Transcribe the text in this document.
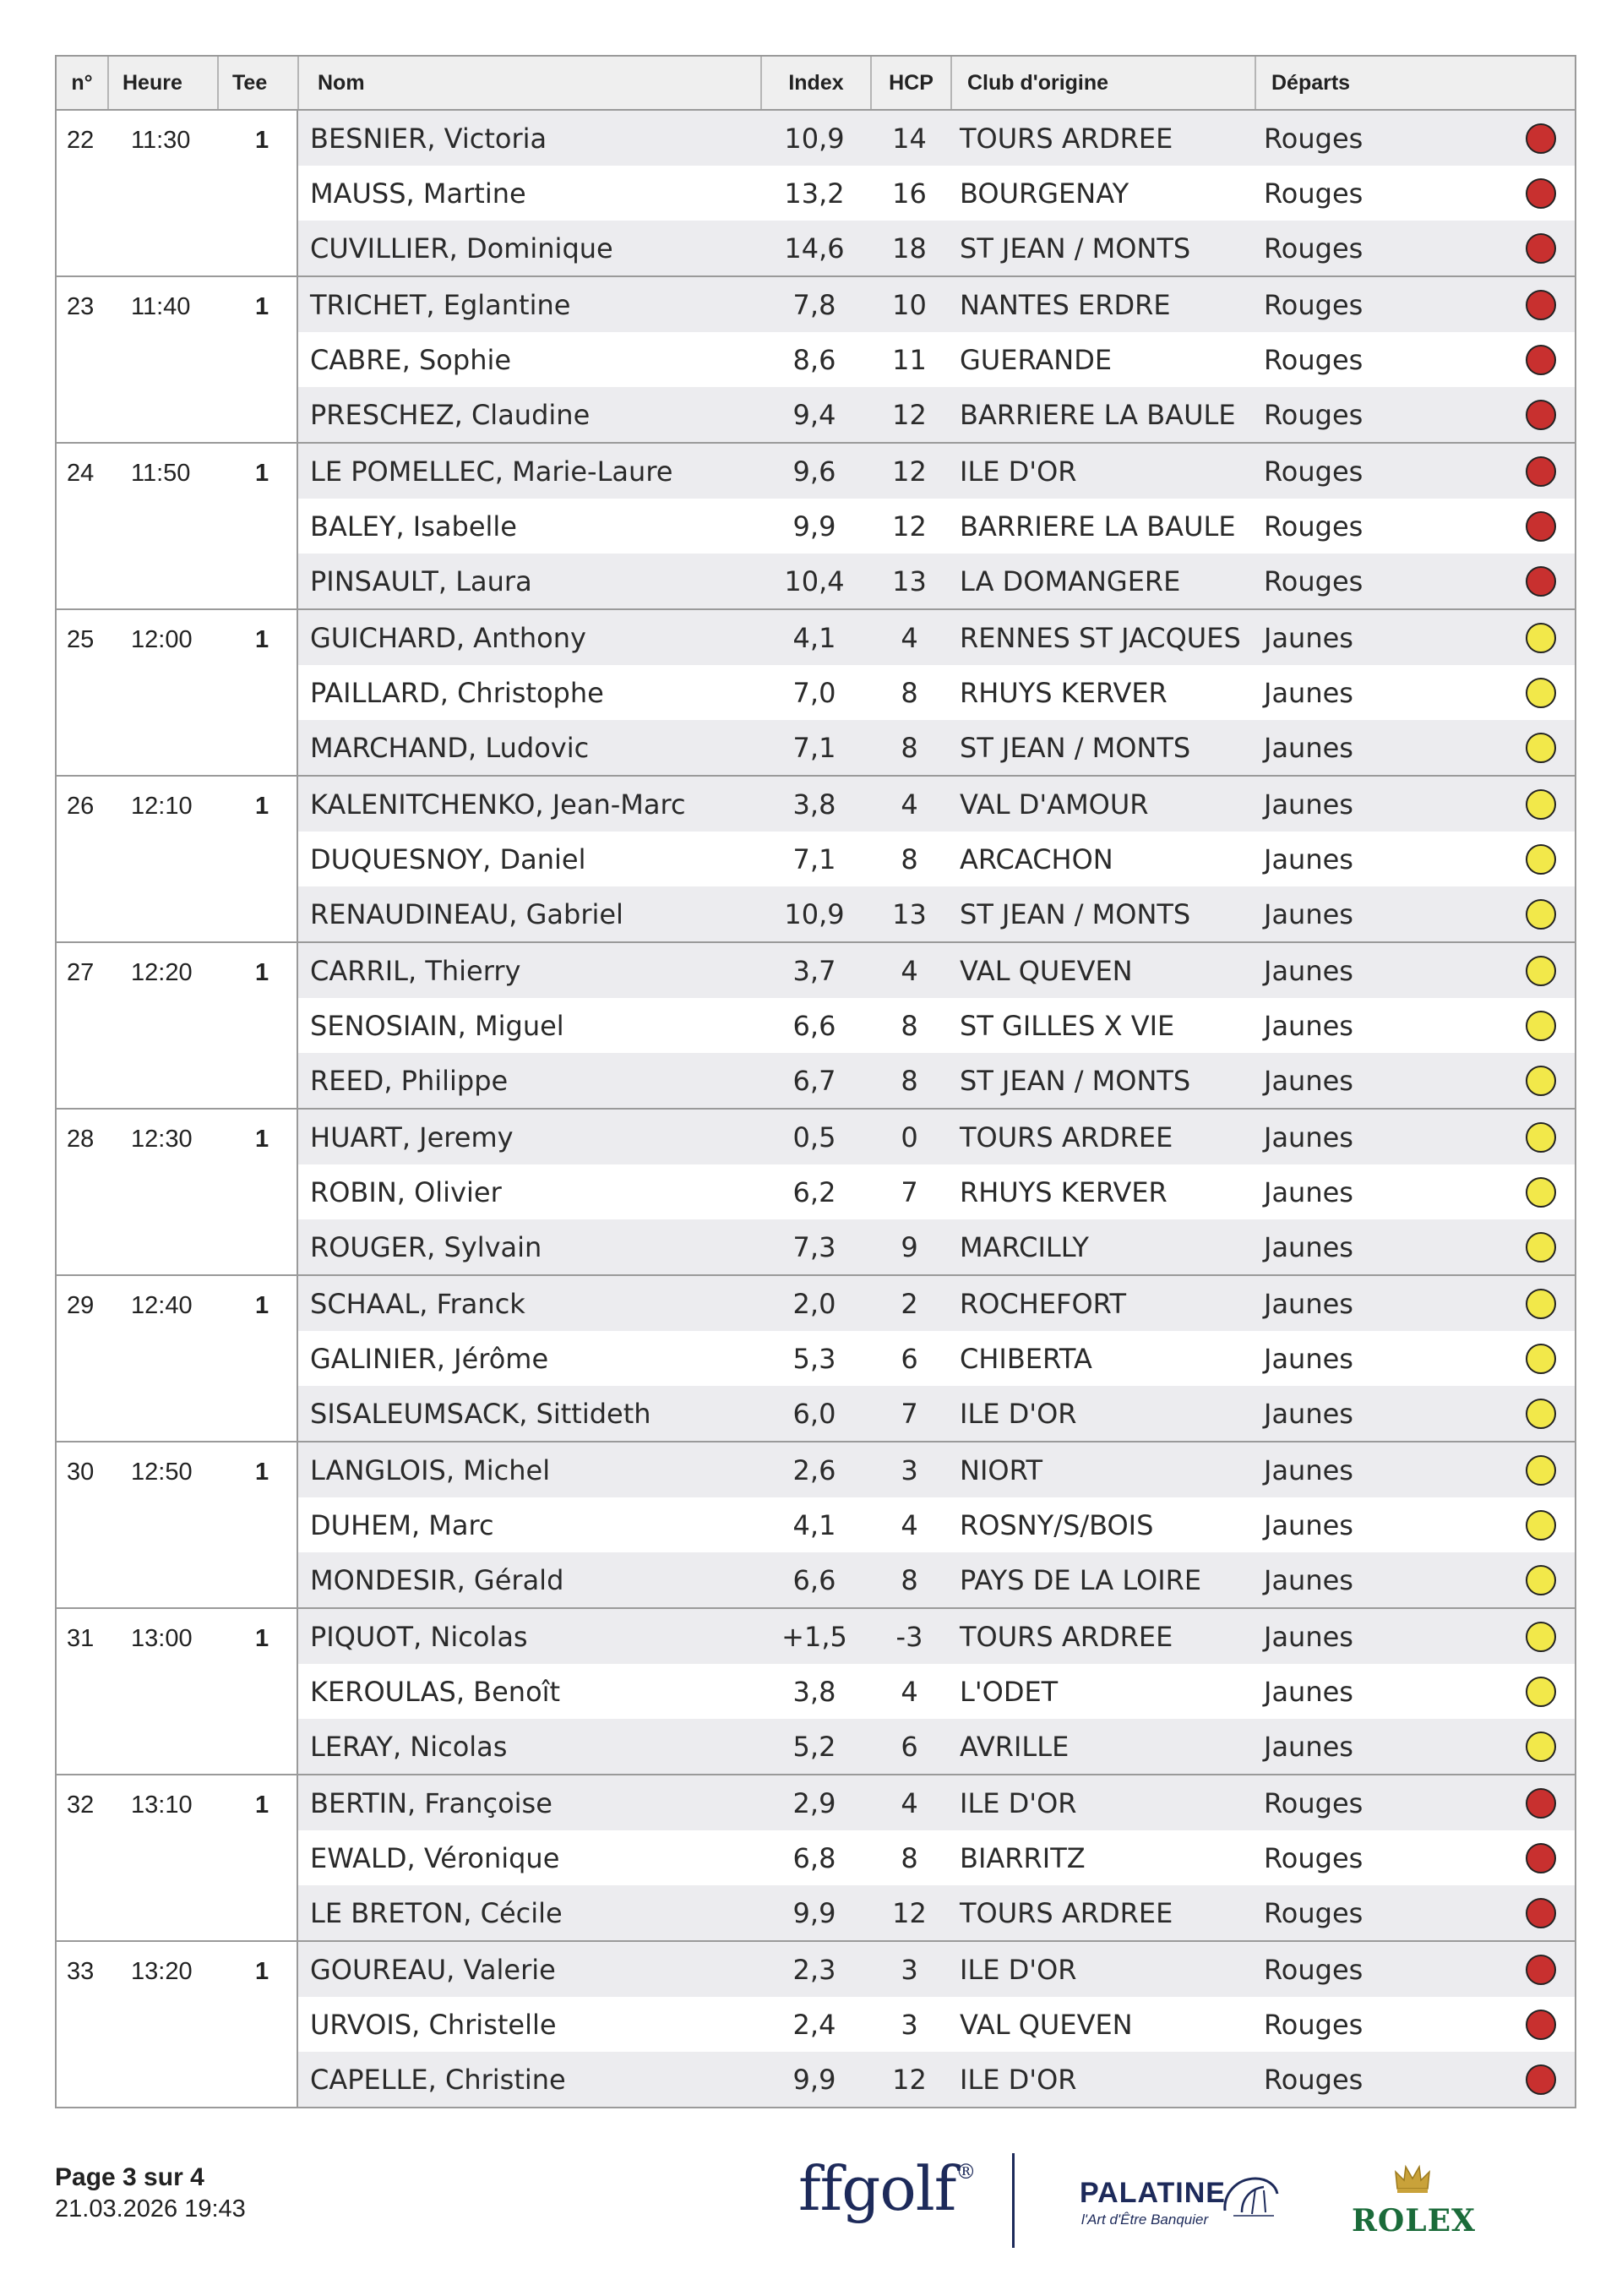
n°	Heure	Tee	Nom	Index	HCP	Club d'origine	Départs
22 11:30	1	BESNIER, Victoria	10,9	14	TOURS ARDREE	Rouges
MAUSS, Martine	13,2	16	BOURGENAY	Rouges
CUVILLIER, Dominique	14,6	18	ST JEAN / MONTS	Rouges
23 11:40	1	TRICHET, Eglantine	7,8	10	NANTES ERDRE	Rouges
CABRE, Sophie	8,6	11	GUERANDE	Rouges
PRESCHEZ, Claudine	9,4	12	BARRIERE LA BAULE	Rouges
24 11:50	1	LE POMELLEC, Marie-Laure	9,6	12	ILE D'OR	Rouges
BALEY, Isabelle	9,9	12	BARRIERE LA BAULE	Rouges
PINSAULT, Laura	10,4	13	LA DOMANGERE	Rouges
25 12:00	1	GUICHARD, Anthony	4,1	4	RENNES ST JACQUES Jaunes
PAILLARD, Christophe	7,0	8	RHUYS KERVER	Jaunes
MARCHAND, Ludovic	7,1	8	ST JEAN / MONTS	Jaunes
26 12:10	1	KALENITCHENKO, Jean-Marc	3,8	4	VAL D'AMOUR	Jaunes
DUQUESNOY, Daniel	7,1	8	ARCACHON	Jaunes
RENAUDINEAU, Gabriel	10,9	13	ST JEAN / MONTS	Jaunes
27 12:20	1	CARRIL, Thierry	3,7	4	VAL QUEVEN	Jaunes
SENOSIAIN, Miguel	6,6	8	ST GILLES X VIE	Jaunes
REED, Philippe	6,7	8	ST JEAN / MONTS	Jaunes
28 12:30	1	HUART, Jeremy	0,5	0	TOURS ARDREE	Jaunes
ROBIN, Olivier	6,2	7	RHUYS KERVER	Jaunes
ROUGER, Sylvain	7,3	9	MARCILLY	Jaunes
29 12:40	1	SCHAAL, Franck	2,0	2	ROCHEFORT	Jaunes
GALINIER, Jérôme	5,3	6	CHIBERTA	Jaunes
SISALEUMSACK, Sittideth	6,0	7	ILE D'OR	Jaunes
30 12:50	1	LANGLOIS, Michel	2,6	3	NIORT	Jaunes
DUHEM, Marc	4,1	4	ROSNY/S/BOIS	Jaunes
MONDESIR, Gérald	6,6	8	PAYS DE LA LOIRE	Jaunes
31 13:00	1	PIQUOT, Nicolas	+1,5	-3	TOURS ARDREE	Jaunes
KEROULAS, Benoît	3,8	4	L'ODET	Jaunes
LERAY, Nicolas	5,2	6	AVRILLE	Jaunes
32 13:10	1	BERTIN, Françoise	2,9	4	ILE D'OR	Rouges
EWALD, Véronique	6,8	8	BIARRITZ	Rouges
LE BRETON, Cécile	9,9	12	TOURS ARDREE	Rouges
33 13:20	1	GOUREAU, Valerie	2,3	3	ILE D'OR	Rouges
URVOIS, Christelle	2,4	3	VAL QUEVEN	Rouges
CAPELLE, Christine	9,9	12	ILE D'OR	Rouges
Page 3 sur 4
21.03.2026 19:43	ffgolf®
PALATINE
l'Art d'Être Banquier	ROLEX
